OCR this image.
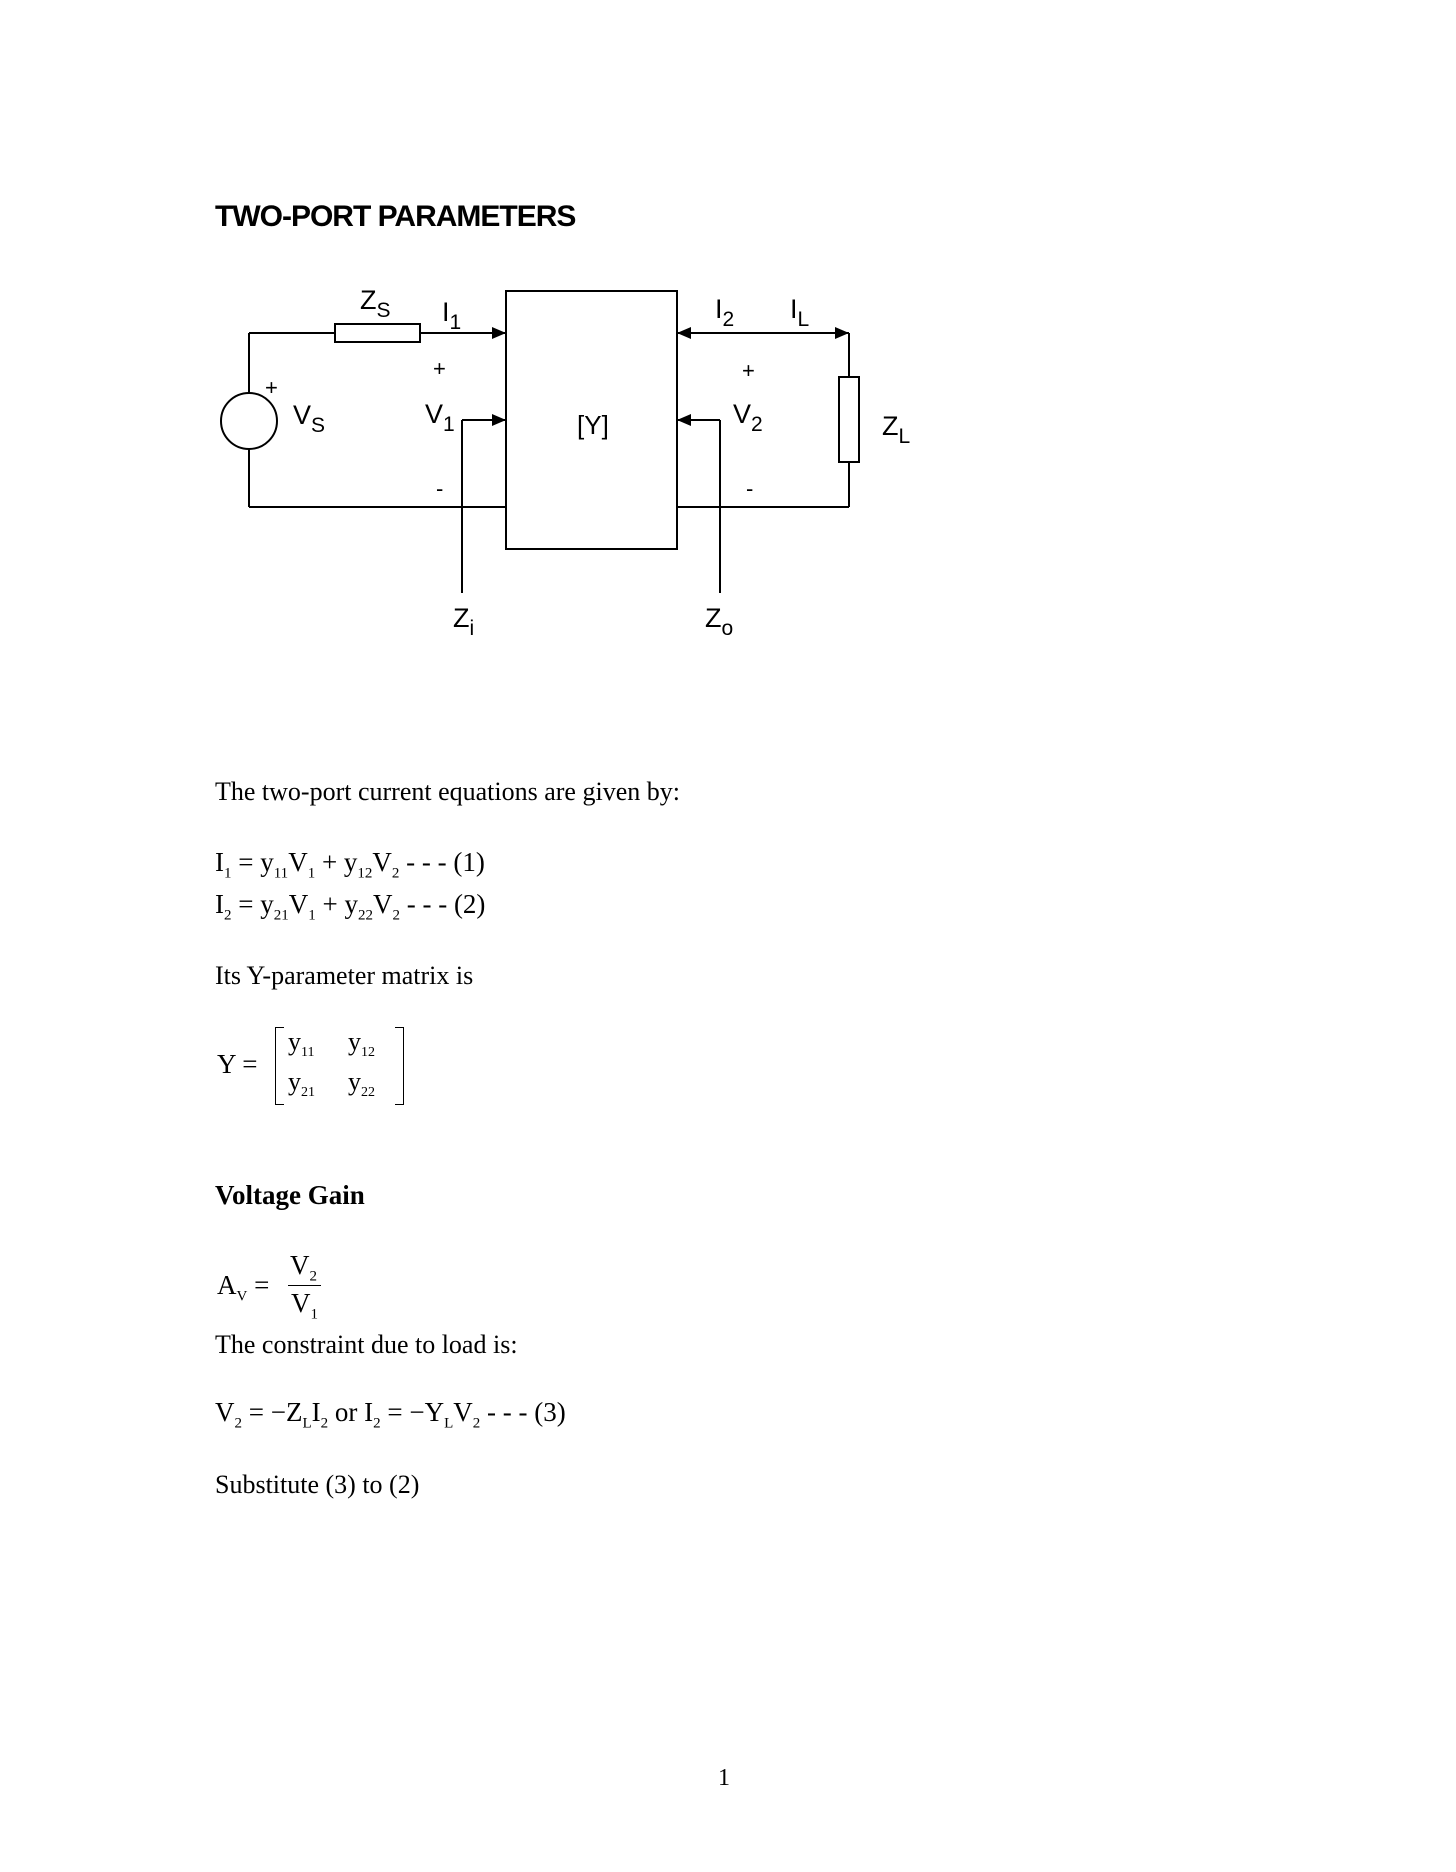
TWO-PORT PARAMETERS
$Z_S$ $I_1$
+
+
$V_S$	$V_1$
-
[Y]
$I_2$ $I_L$
+
$V_2$
-
$Z_L$
$Z_i$	$Z_o$
The two-port current equations are given by:
$I_1 = y_{11}V_1 + y_{12}V_2$ - - - (1)
$I_2 = y_{21}V_1 + y_{22}V_2$ - - - (2)
Its Y-parameter matrix is
Y =
$y_{11}$ $y_{12}$
$y_{21}$ $y_{22}$
Voltage Gain
$A_V$ =
$V_2$
$V_1$
The constraint due to load is:
$V_2 = -Z_LI_2$ or $I_2 = -Y_LV_2$ - - - (3)
Substitute (3) to (2)
1
